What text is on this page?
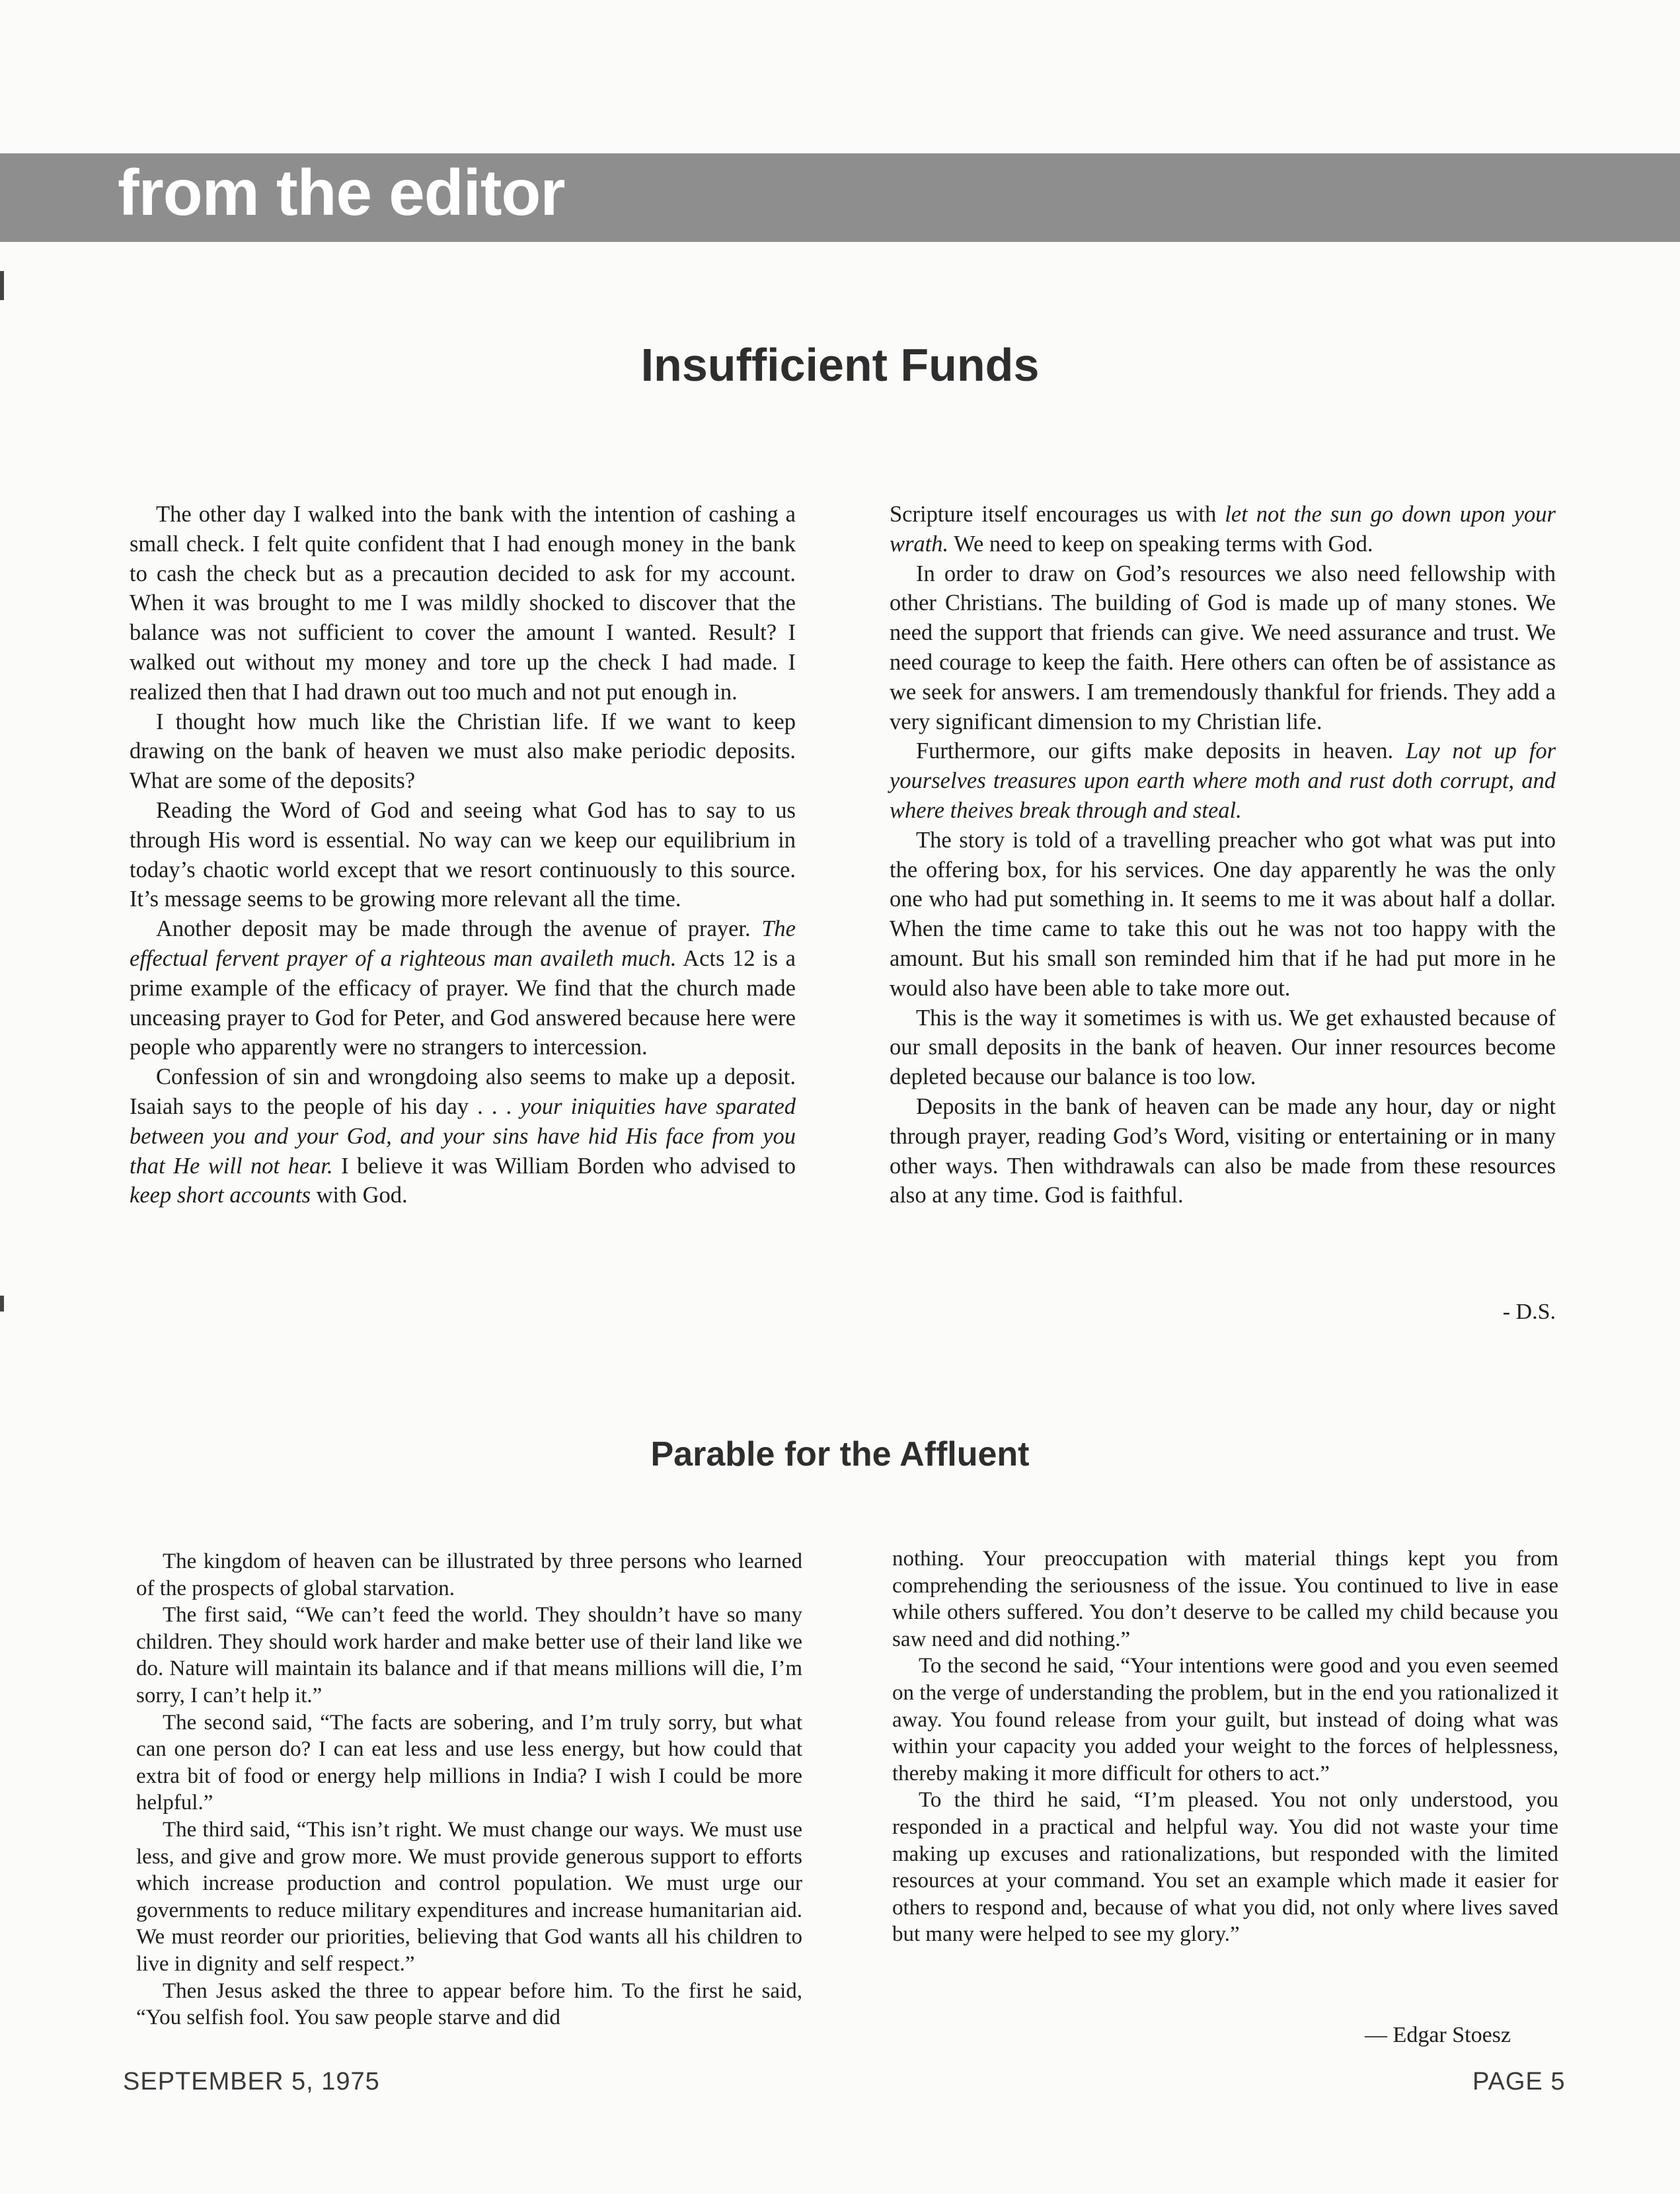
from the editor
Insufficient Funds

The other day I walked into the bank with the intention of cashing a small check. I felt quite confident that I had enough money in the bank to cash the check but as a precaution decided to ask for my account. When it was brought to me I was mildly shocked to discover that the balance was not sufficient to cover the amount I wanted. Result? I walked out without my money and tore up the check I had made. I realized then that I had drawn out too much and not put enough in.

I thought how much like the Christian life. If we want to keep drawing on the bank of heaven we must also make periodic deposits. What are some of the deposits?

Reading the Word of God and seeing what God has to say to us through His word is essential. No way can we keep our equilibrium in today’s chaotic world except that we resort continuously to this source. It’s message seems to be growing more relevant all the time.

Another deposit may be made through the avenue of prayer. The effectual fervent prayer of a righteous man availeth much. Acts 12 is a prime example of the efficacy of prayer. We find that the church made unceasing prayer to God for Peter, and God answered because here were people who apparently were no strangers to intercession.

Confession of sin and wrongdoing also seems to make up a deposit. Isaiah says to the people of his day . . . your iniquities have sparated between you and your God, and your sins have hid His face from you that He will not hear. I believe it was William Borden who advised to keep short accounts with God.

Scripture itself encourages us with let not the sun go down upon your wrath. We need to keep on speaking terms with God.

In order to draw on God’s resources we also need fellowship with other Christians. The building of God is made up of many stones. We need the support that friends can give. We need assurance and trust. We need courage to keep the faith. Here others can often be of assistance as we seek for answers. I am tremendously thankful for friends. They add a very significant dimension to my Christian life.

Furthermore, our gifts make deposits in heaven. Lay not up for yourselves treasures upon earth where moth and rust doth corrupt, and where theives break through and steal.

The story is told of a travelling preacher who got what was put into the offering box, for his services. One day apparently he was the only one who had put something in. It seems to me it was about half a dollar. When the time came to take this out he was not too happy with the amount. But his small son reminded him that if he had put more in he would also have been able to take more out.

This is the way it sometimes is with us. We get exhausted because of our small deposits in the bank of heaven. Our inner resources become depleted because our balance is too low.

Deposits in the bank of heaven can be made any hour, day or night through prayer, reading God’s Word, visiting or entertaining or in many other ways. Then withdrawals can also be made from these resources also at any time. God is faithful.

- D.S.
Parable for the Affluent

The kingdom of heaven can be illustrated by three persons who learned of the prospects of global starvation.

The first said, “We can’t feed the world. They shouldn’t have so many children. They should work harder and make better use of their land like we do. Nature will maintain its balance and if that means millions will die, I’m sorry, I can’t help it.”

The second said, “The facts are sobering, and I’m truly sorry, but what can one person do? I can eat less and use less energy, but how could that extra bit of food or energy help millions in India? I wish I could be more helpful.”

The third said, “This isn’t right. We must change our ways. We must use less, and give and grow more. We must provide generous support to efforts which increase production and control population. We must urge our governments to reduce military expenditures and increase humanitarian aid. We must reorder our priorities, believing that God wants all his children to live in dignity and self respect.”

Then Jesus asked the three to appear before him. To the first he said, “You selfish fool. You saw people starve and did

nothing. Your preoccupation with material things kept you from comprehending the seriousness of the issue. You continued to live in ease while others suffered. You don’t deserve to be called my child because you saw need and did nothing.”

To the second he said, “Your intentions were good and you even seemed on the verge of understanding the problem, but in the end you rationalized it away. You found release from your guilt, but instead of doing what was within your capacity you added your weight to the forces of helplessness, thereby making it more difficult for others to act.”

To the third he said, “I’m pleased. You not only understood, you responded in a practical and helpful way. You did not waste your time making up excuses and rationalizations, but responded with the limited resources at your command. You set an example which made it easier for others to respond and, because of what you did, not only where lives saved but many were helped to see my glory.”

— Edgar Stoesz
SEPTEMBER 5, 1975	PAGE 5
